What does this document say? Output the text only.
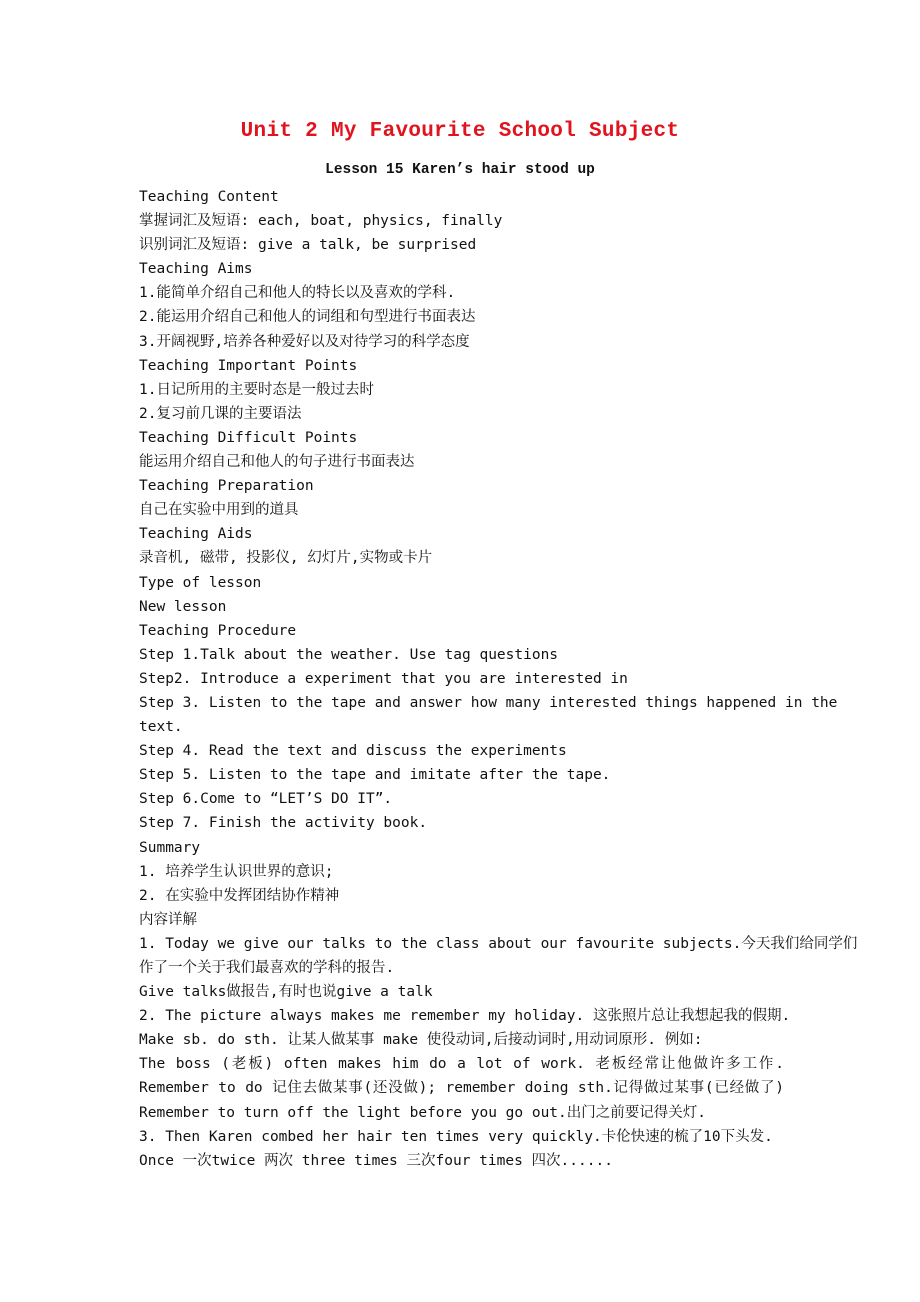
Unit 2 My Favourite School Subject
Lesson 15 Karen’s hair stood up
Teaching Content
掌握词汇及短语: each, boat, physics, finally
识别词汇及短语: give a talk, be surprised
Teaching Aims
1.能简单介绍自己和他人的特长以及喜欢的学科.
2.能运用介绍自己和他人的词组和句型进行书面表达
3.开阔视野,培养各种爱好以及对待学习的科学态度
Teaching Important Points
1.日记所用的主要时态是一般过去时
2.复习前几课的主要语法
Teaching Difficult Points
能运用介绍自己和他人的句子进行书面表达
Teaching Preparation
自己在实验中用到的道具
Teaching Aids
录音机, 磁带, 投影仪, 幻灯片,实物或卡片
Type of lesson
New lesson
Teaching Procedure
Step 1.Talk about the weather. Use tag questions
Step2. Introduce a experiment that you are interested in
Step 3. Listen to the tape and answer how many interested things happened in the
text.
Step 4. Read the text and discuss the experiments
Step 5. Listen to the tape and imitate after the tape.
Step 6.Come to “LET’S DO IT”.
Step 7. Finish the activity book.
Summary
1. 培养学生认识世界的意识;
2. 在实验中发挥团结协作精神
内容详解
1. Today we give our talks to the class about our favourite subjects.今天我们给同学们
作了一个关于我们最喜欢的学科的报告.
Give talks做报告,有时也说give a talk
2. The picture always makes me remember my holiday. 这张照片总让我想起我的假期.
Make sb. do sth. 让某人做某事 make 使役动词,后接动词时,用动词原形. 例如:
The boss (老板) often makes him do a lot of work. 老板经常让他做许多工作.
Remember to do 记住去做某事(还没做); remember doing sth.记得做过某事(已经做了)
Remember to turn off the light before you go out.出门之前要记得关灯.
3. Then Karen combed her hair ten times very quickly.卡伦快速的梳了10下头发.
Once 一次twice 两次 three times 三次four times 四次......
